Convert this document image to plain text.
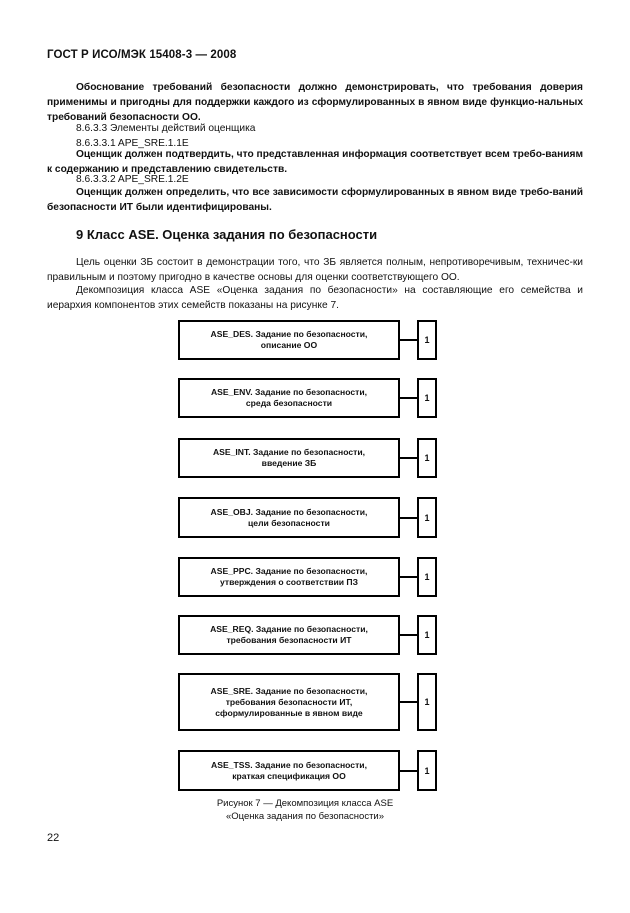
ГОСТ Р ИСО/МЭК 15408-3 — 2008
Обоснование требований безопасности должно демонстрировать, что требования доверия применимы и пригодны для поддержки каждого из сформулированных в явном виде функцио-нальных требований безопасности ОО.
8.6.3.3 Элементы действий оценщика
8.6.3.3.1 APE_SRE.1.1E
Оценщик должен подтвердить, что представленная информация соответствует всем требо-ваниям к содержанию и представлению свидетельств.
8.6.3.3.2 APE_SRE.1.2E
Оценщик должен определить, что все зависимости сформулированных в явном виде требо-ваний безопасности ИТ были идентифицированы.
9 Класс ASE. Оценка задания по безопасности
Цель оценки ЗБ состоит в демонстрации того, что ЗБ является полным, непротиворечивым, техничес-ки правильным и поэтому пригодно в качестве основы для оценки соответствующего ОО.
Декомпозиция класса ASE «Оценка задания по безопасности» на составляющие его семейства и иерархия компонентов этих семейств показаны на рисунке 7.
ASE_DES. Задание по безопасности,
описание ОО	1
ASE_ENV. Задание по безопасности,
среда безопасности	1
ASE_INT. Задание по безопасности,
введение ЗБ	1
ASE_OBJ. Задание по безопасности,
цели безопасности	1
ASE_PPC. Задание по безопасности,
утверждения о соответствии ПЗ	1
ASE_REQ. Задание по безопасности,
требования безопасности ИТ	1
ASE_SRE. Задание по безопасности,
требования безопасности ИТ,
сформулированные в явном виде
1
ASE_TSS. Задание по безопасности,
краткая спецификация ОО	1
Рисунок 7 — Декомпозиция класса ASE
«Оценка задания по безопасности»
22
